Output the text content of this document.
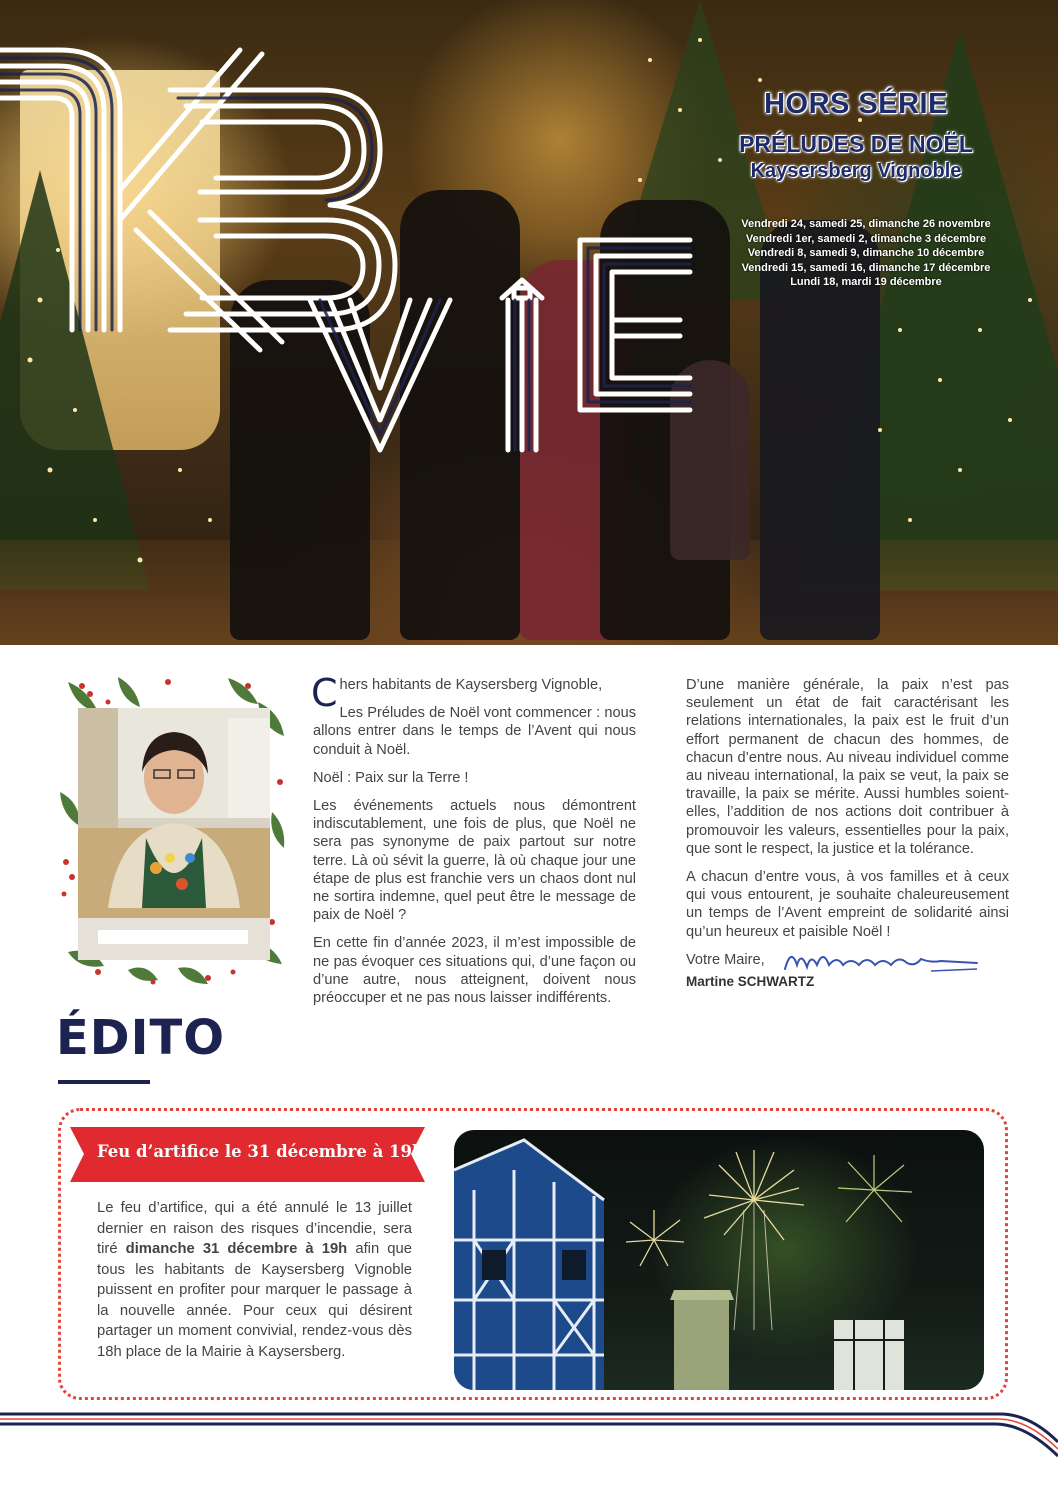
HORS SÉRIE
PRÉLUDES DE NOËL
Kaysersberg Vignoble
Vendredi 24, samedi 25, dimanche 26 novembre
Vendredi 1er, samedi 2, dimanche 3 décembre
Vendredi 8, samedi 9, dimanche 10 décembre
Vendredi 15, samedi 16, dimanche 17 décembre
Lundi 18, mardi 19 décembre
ÉDITO

Chers habitants de Kaysersberg Vignoble,

Les Préludes de Noël vont commencer : nous allons entrer dans le temps de l’Avent qui nous conduit à Noël.

Noël : Paix sur la Terre !

Les événements actuels nous démontrent indiscutablement, une fois de plus, que Noël ne sera pas synonyme de paix partout sur notre terre. Là où sévit la guerre, là où chaque jour une étape de plus est franchie vers un chaos dont nul ne sortira indemne, quel peut être le message de paix de Noël ?

En cette fin d’année 2023, il m’est impossible de ne pas évoquer ces situations qui, d’une façon ou d’une autre, nous atteignent, doivent nous préoccuper et ne pas nous laisser indifférents.

D’une manière générale, la paix n’est pas seulement un état de fait caractérisant les relations internationales, la paix est le fruit d’un effort permanent de chacun des hommes, de chacun d’entre nous. Au niveau individuel comme au niveau international, la paix se veut, la paix se travaille, la paix se mérite. Aussi humbles soient-elles, l’addition de nos actions doit contribuer à promouvoir les valeurs, essentielles pour la paix, que sont le respect, la justice et la tolérance.

A chacun d’entre vous, à vos familles et à ceux qui vous entourent, je souhaite chaleureusement un temps de l’Avent empreint de solidarité ainsi qu’un heureux et paisible Noël !

Votre Maire,
Martine SCHWARTZ
Feu d’artifice le 31 décembre à 19h

Le feu d’artifice, qui a été annulé le 13 juillet dernier en raison des risques d’incendie, sera tiré dimanche 31 décembre à 19h afin que tous les habitants de Kaysersberg Vignoble puissent en profiter pour marquer le passage à la nouvelle année. Pour ceux qui désirent partager un moment convivial, rendez-vous dès 18h place de la Mairie à Kaysersberg.
